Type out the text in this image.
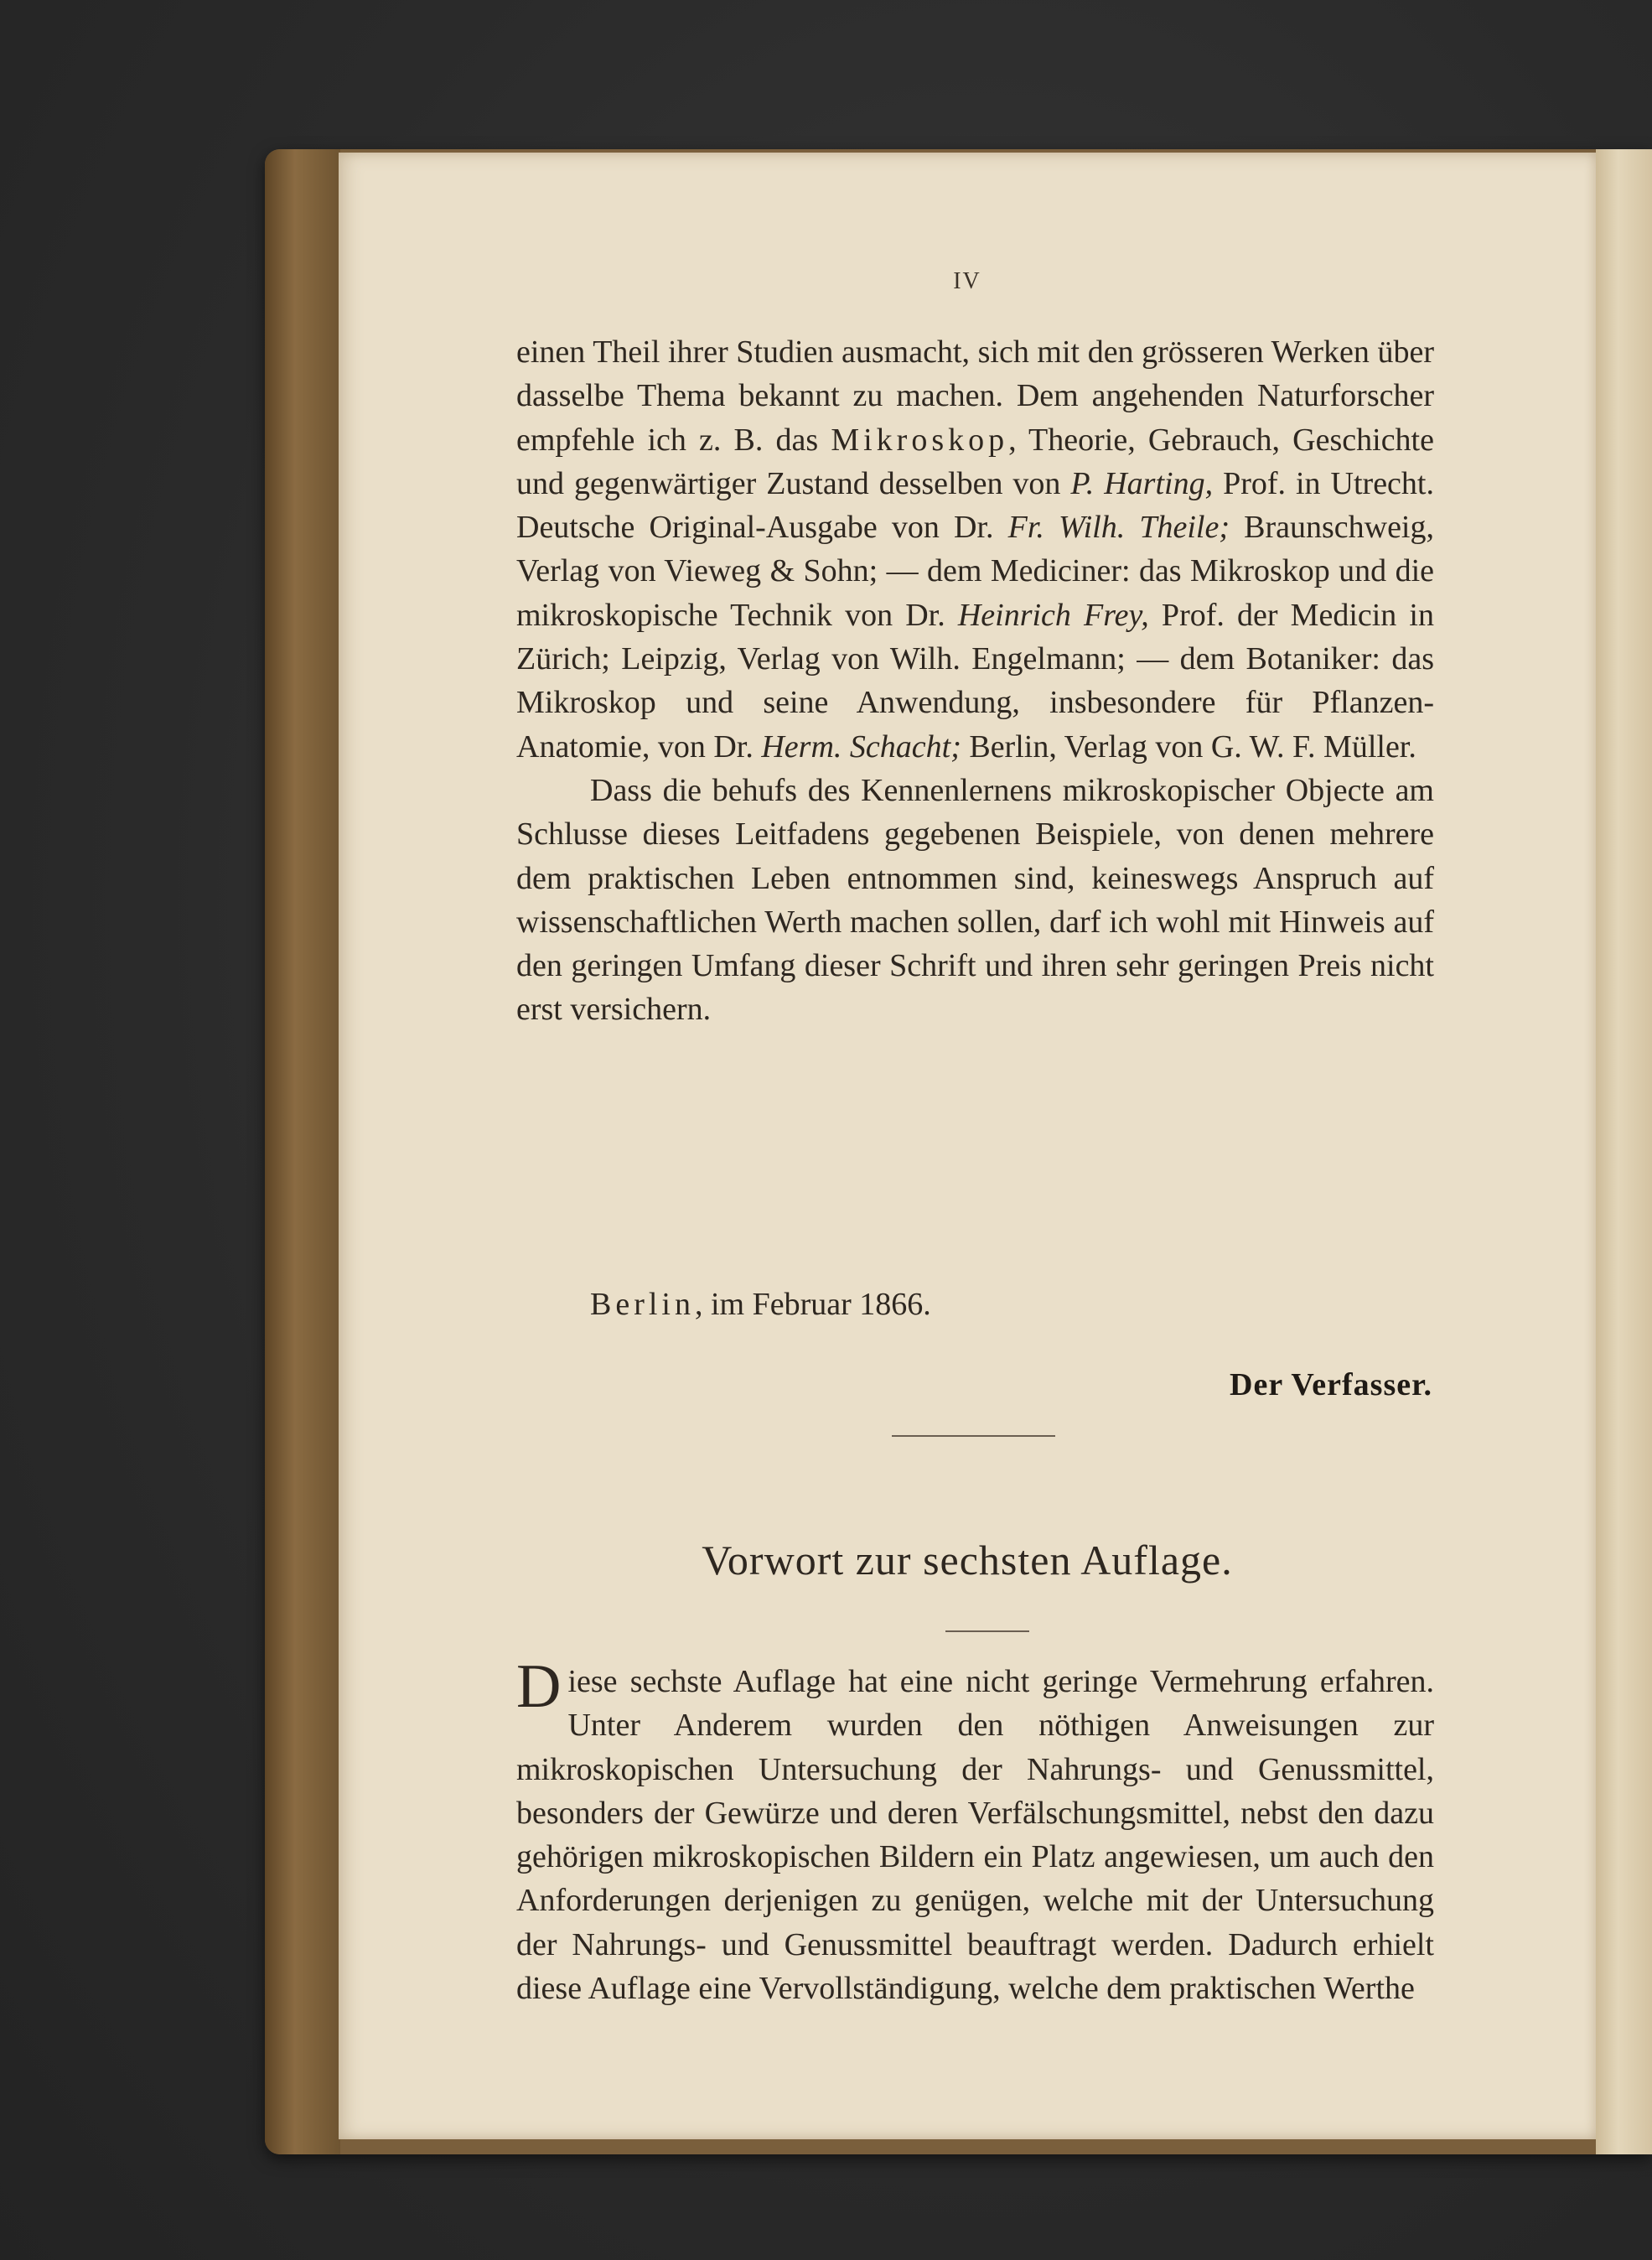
IV

einen Theil ihrer Studien ausmacht, sich mit den grösseren Werken über dasselbe Thema bekannt zu machen. Dem angehenden Naturforscher empfehle ich z. B. das Mikroskop, Theorie, Gebrauch, Geschichte und gegenwärtiger Zustand desselben von P. Harting, Prof. in Utrecht. Deutsche Original-Ausgabe von Dr. Fr. Wilh. Theile; Braunschweig, Verlag von Vieweg & Sohn; — dem Mediciner: das Mikroskop und die mikroskopische Technik von Dr. Heinrich Frey, Prof. der Medicin in Zürich; Leipzig, Verlag von Wilh. Engelmann; — dem Botaniker: das Mikroskop und seine Anwendung, insbesondere für Pflanzen-Anatomie, von Dr. Herm. Schacht; Berlin, Verlag von G. W. F. Müller.

Dass die behufs des Kennenlernens mikroskopischer Objecte am Schlusse dieses Leitfadens gegebenen Beispiele, von denen mehrere dem praktischen Leben entnommen sind, keineswegs Anspruch auf wissenschaftlichen Werth machen sollen, darf ich wohl mit Hinweis auf den geringen Umfang dieser Schrift und ihren sehr geringen Preis nicht erst versichern.

Berlin, im Februar 1866.
Der Verfasser.
Vorwort zur sechsten Auflage.

Diese sechste Auflage hat eine nicht geringe Vermehrung erfahren. Unter Anderem wurden den nöthigen Anweisungen zur mikroskopischen Untersuchung der Nahrungs- und Genussmittel, besonders der Gewürze und deren Verfälschungsmittel, nebst den dazu gehörigen mikroskopischen Bildern ein Platz angewiesen, um auch den Anforderungen derjenigen zu genügen, welche mit der Untersuchung der Nahrungs- und Genussmittel beauftragt werden. Dadurch erhielt diese Auflage eine Vervollständigung, welche dem praktischen Werthe
